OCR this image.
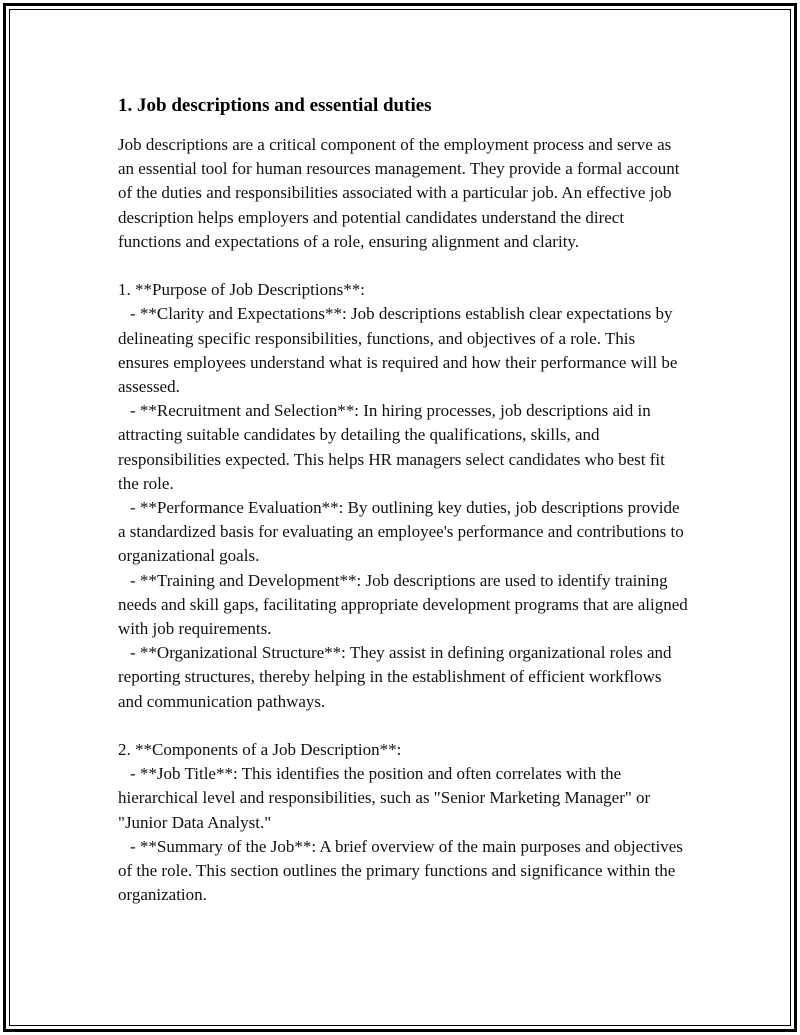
1. Job descriptions and essential duties

Job descriptions are a critical component of the employment process and serve as an essential tool for human resources management. They provide a formal account of the duties and responsibilities associated with a particular job. An effective job description helps employers and potential candidates understand the direct functions and expectations of a role, ensuring alignment and clarity.

1. **Purpose of Job Descriptions**:

- **Clarity and Expectations**: Job descriptions establish clear expectations by delineating specific responsibilities, functions, and objectives of a role. This ensures employees understand what is required and how their performance will be assessed.

- **Recruitment and Selection**: In hiring processes, job descriptions aid in attracting suitable candidates by detailing the qualifications, skills, and responsibilities expected. This helps HR managers select candidates who best fit the role.

- **Performance Evaluation**: By outlining key duties, job descriptions provide a standardized basis for evaluating an employee's performance and contributions to organizational goals.

- **Training and Development**: Job descriptions are used to identify training needs and skill gaps, facilitating appropriate development programs that are aligned with job requirements.

- **Organizational Structure**: They assist in defining organizational roles and reporting structures, thereby helping in the establishment of efficient workflows and communication pathways.

2. **Components of a Job Description**:

- **Job Title**: This identifies the position and often correlates with the hierarchical level and responsibilities, such as "Senior Marketing Manager" or "Junior Data Analyst."

- **Summary of the Job**: A brief overview of the main purposes and objectives of the role. This section outlines the primary functions and significance within the organization.
